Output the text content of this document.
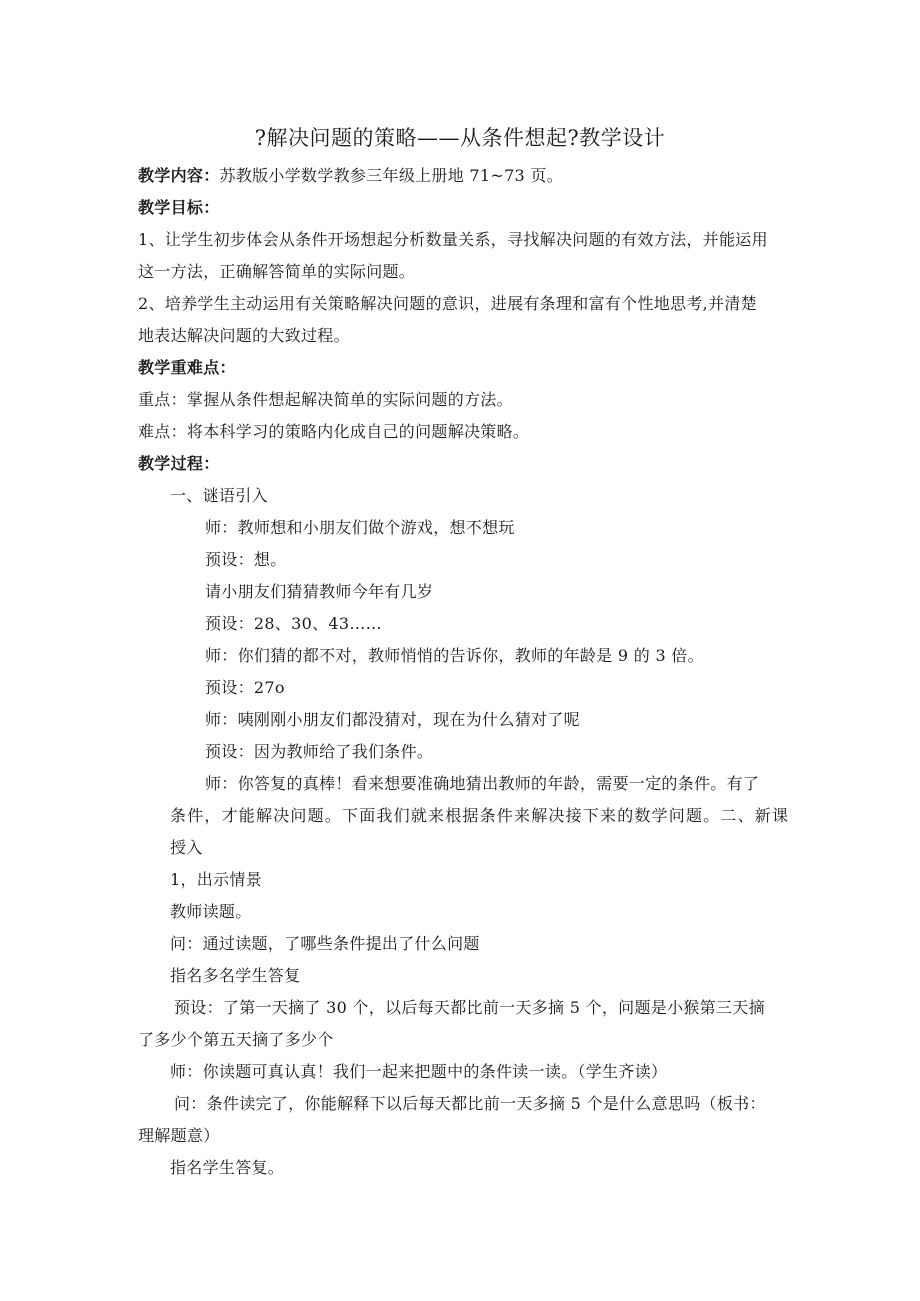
?解决问题的策略——从条件想起?教学设计
教学内容：苏教版小学数学教参三年级上册地 71~73 页。
教学目标：
1、让学生初步体会从条件开场想起分析数量关系，寻找解决问题的有效方法，并能运用
这一方法，正确解答简单的实际问题。
2、培养学生主动运用有关策略解决问题的意识，进展有条理和富有个性地思考,并清楚
地表达解决问题的大致过程。
教学重难点：
重点：掌握从条件想起解决简单的实际问题的方法。
难点：将本科学习的策略内化成自己的问题解决策略。
教学过程：
一、谜语引入
师：教师想和小朋友们做个游戏，想不想玩
预设：想。
请小朋友们猜猜教师今年有几岁
预设：28、30、43……
师：你们猜的都不对，教师悄悄的告诉你，教师的年龄是 9 的 3 倍。
预设：27o
师：咦刚刚小朋友们都没猜对，现在为什么猜对了呢
预设：因为教师给了我们条件。
师：你答复的真棒！看来想要准确地猜出教师的年龄，需要一定的条件。有了
条件，才能解决问题。下面我们就来根据条件来解决接下来的数学问题。二、新课
授入
1，出示情景
教师读题。
问：通过读题，了哪些条件提出了什么问题
指名多名学生答复
预设：了第一天摘了 30 个，以后每天都比前一天多摘 5 个，问题是小猴第三天摘
了多少个第五天摘了多少个
师：你读题可真认真！我们一起来把题中的条件读一读。（学生齐读）
问：条件读完了，你能解释下以后每天都比前一天多摘 5 个是什么意思吗（板书：
理解题意）
指名学生答复。
